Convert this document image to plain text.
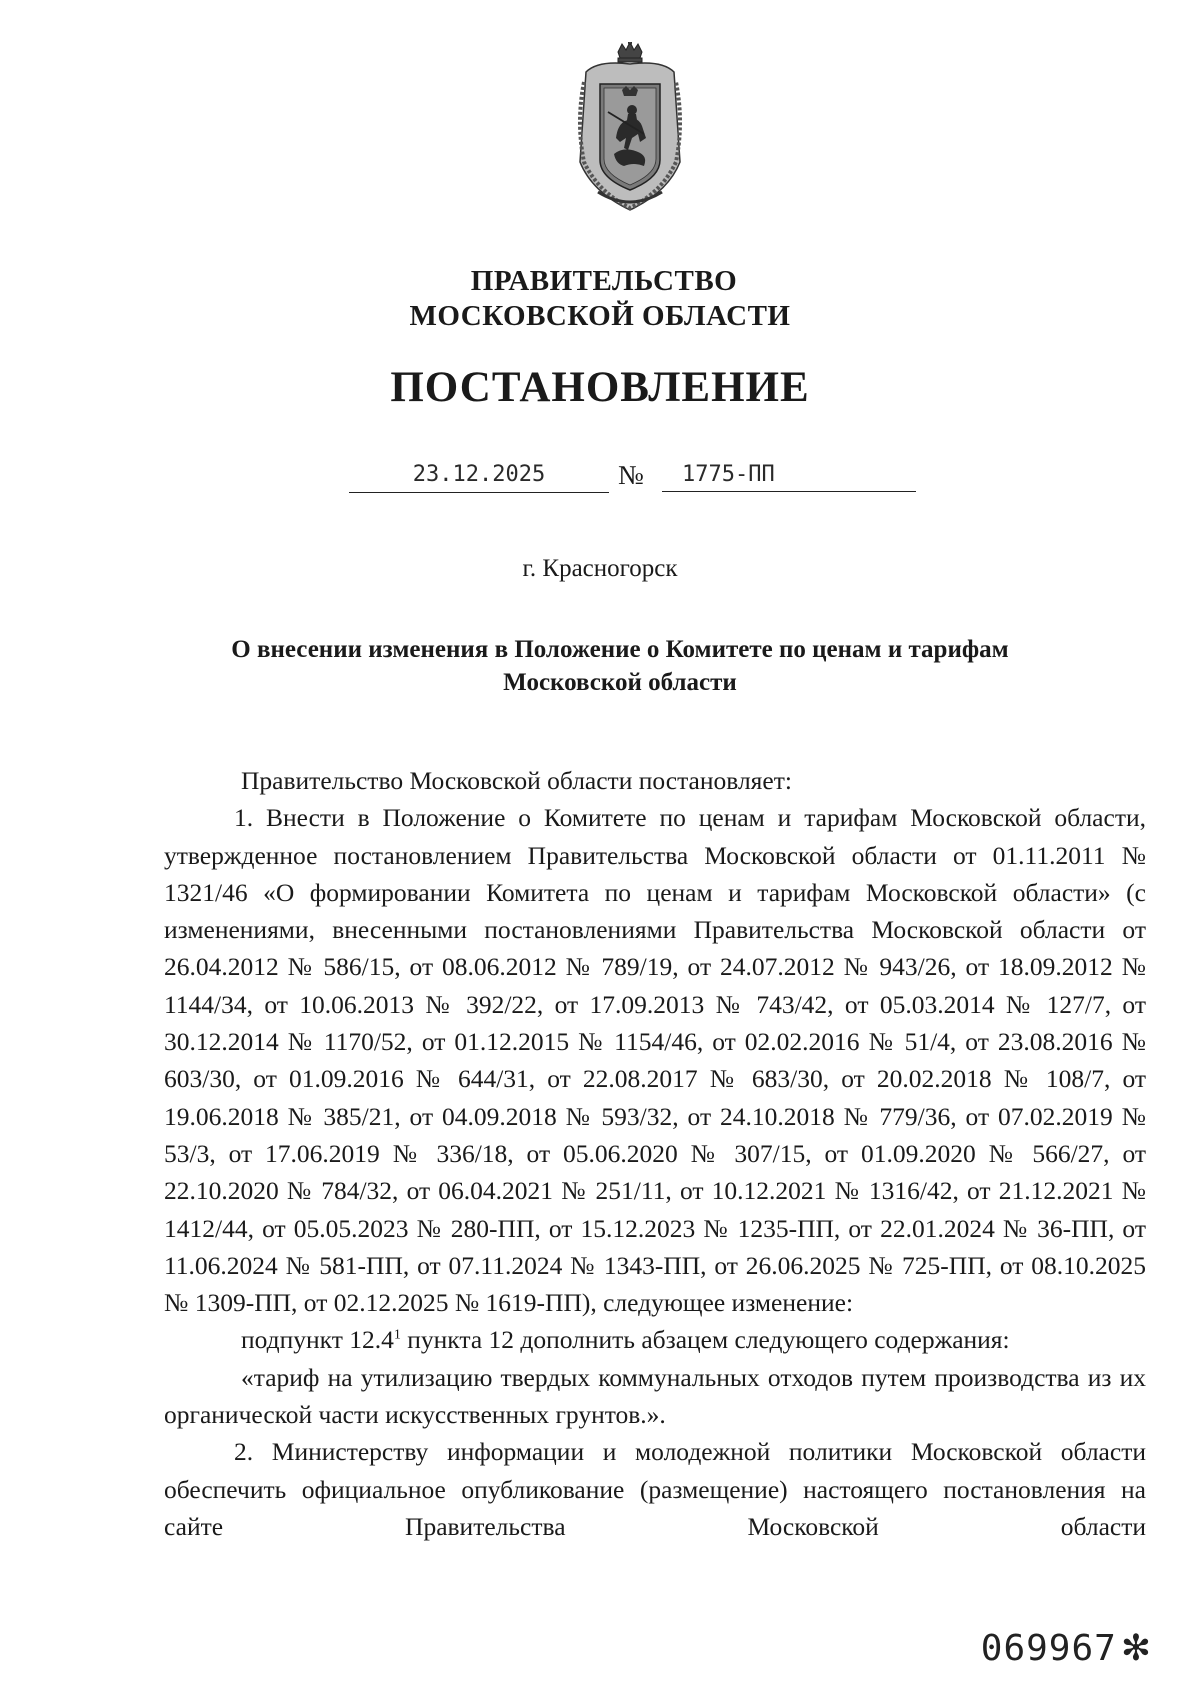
ПРАВИТЕЛЬСТВО
МОСКОВСКОЙ ОБЛАСТИ
ПОСТАНОВЛЕНИЕ
23.12.2025	№	1775-ПП
г. Красногорск
О внесении изменения в Положение о Комитете по ценам и тарифам
Московской области

Правительство Московской области постановляет:

1. Внести в Положение о Комитете по ценам и тарифам Московской области, утвержденное постановлением Правительства Московской области от 01.11.2011 № 1321/46 «О формировании Комитета по ценам и тарифам Московской области» (с изменениями, внесенными постановлениями Правительства Московской области от 26.04.2012 № 586/15, от 08.06.2012 № 789/19, от 24.07.2012 № 943/26, от 18.09.2012 № 1144/34, от 10.06.2013 № 392/22, от 17.09.2013 № 743/42, от 05.03.2014 № 127/7, от 30.12.2014 № 1170/52, от 01.12.2015 № 1154/46, от 02.02.2016 № 51/4, от 23.08.2016 № 603/30, от 01.09.2016 № 644/31, от 22.08.2017 № 683/30, от 20.02.2018 № 108/7, от 19.06.2018 № 385/21, от 04.09.2018 № 593/32, от 24.10.2018 № 779/36, от 07.02.2019 № 53/3, от 17.06.2019 № 336/18, от 05.06.2020 № 307/15, от 01.09.2020 № 566/27, от 22.10.2020 № 784/32, от 06.04.2021 № 251/11, от 10.12.2021 № 1316/42, от 21.12.2021 № 1412/44, от 05.05.2023 № 280-ПП, от 15.12.2023 № 1235-ПП, от 22.01.2024 № 36-ПП, от 11.06.2024 № 581-ПП, от 07.11.2024 № 1343-ПП, от 26.06.2025 № 725-ПП, от 08.10.2025 № 1309-ПП, от 02.12.2025 № 1619-ПП), следующее изменение:

подпункт 12.4$^1$ пункта 12 дополнить абзацем следующего содержания:

«тариф на утилизацию твердых коммунальных отходов путем производства из их органической части искусственных грунтов.».

2. Министерству информации и молодежной политики Московской области обеспечить официальное опубликование (размещение) настоящего постановления на сайте Правительства Московской области

069967 ✻
